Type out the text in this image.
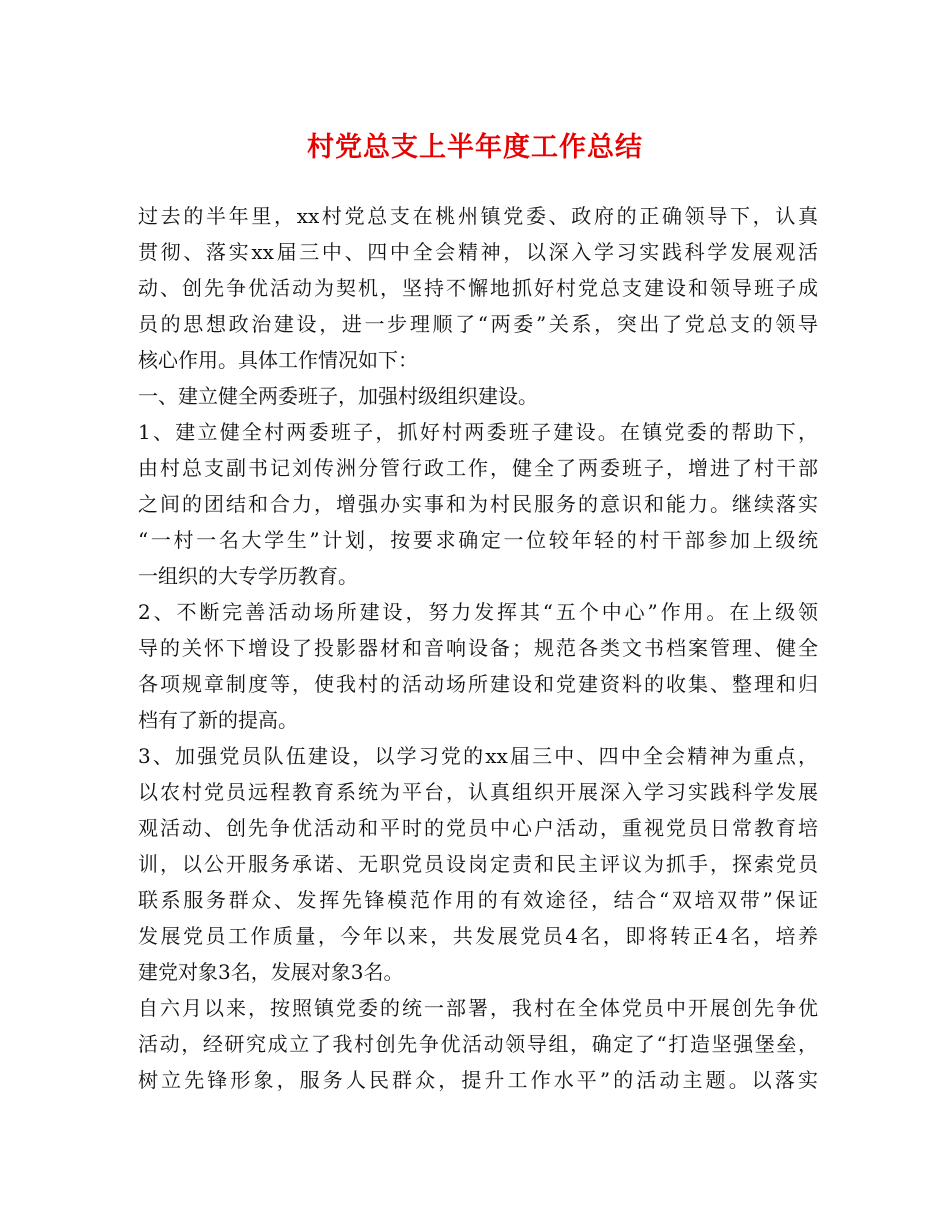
村党总支上半年度工作总结
过去的半年里，xx村党总支在桃州镇党委、政府的正确领导下，认真
贯彻、落实xx届三中、四中全会精神，以深入学习实践科学发展观活
动、创先争优活动为契机，坚持不懈地抓好村党总支建设和领导班子成
员的思想政治建设，进一步理顺了“两委”关系，突出了党总支的领导
核心作用。具体工作情况如下：
一、建立健全两委班子，加强村级组织建设。
1、建立健全村两委班子，抓好村两委班子建设。在镇党委的帮助下，
由村总支副书记刘传洲分管行政工作，健全了两委班子，增进了村干部
之间的团结和合力，增强办实事和为村民服务的意识和能力。继续落实
“一村一名大学生”计划，按要求确定一位较年轻的村干部参加上级统
一组织的大专学历教育。
2、不断完善活动场所建设，努力发挥其“五个中心”作用。在上级领
导的关怀下增设了投影器材和音响设备；规范各类文书档案管理、健全
各项规章制度等，使我村的活动场所建设和党建资料的收集、整理和归
档有了新的提高。
3、加强党员队伍建设，以学习党的xx届三中、四中全会精神为重点，
以农村党员远程教育系统为平台，认真组织开展深入学习实践科学发展
观活动、创先争优活动和平时的党员中心户活动，重视党员日常教育培
训，以公开服务承诺、无职党员设岗定责和民主评议为抓手，探索党员
联系服务群众、发挥先锋模范作用的有效途径，结合“双培双带”保证
发展党员工作质量，今年以来，共发展党员4名，即将转正4名，培养
建党对象3名，发展对象3名。
自六月以来，按照镇党委的统一部署，我村在全体党员中开展创先争优
活动，经研究成立了我村创先争优活动领导组，确定了“打造坚强堡垒，
树立先锋形象，服务人民群众，提升工作水平”的活动主题。以落实
